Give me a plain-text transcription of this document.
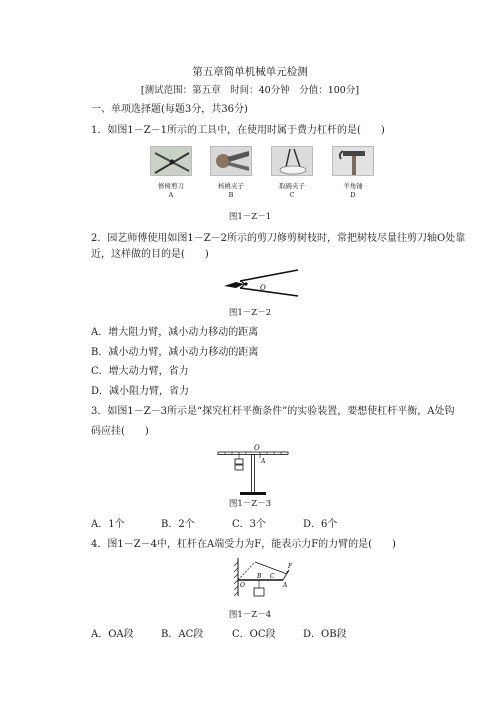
第五章简单机械单元检测
[测试范围：第五章　时间：40分钟　分值：100分]
一、单项选择题(每题3分，共36分)
1．如图1－Z－1所示的工具中，在使用时属于费力杠杆的是(　　)
修树剪刀
A
核桃夹子
B
取碗夹子
C
羊角锤
D
图1－Z－1
2．园艺师傅使用如图1－Z－2所示的剪刀修剪树枝时，常把树枝尽量往剪刀轴O处靠
近，这样做的目的是(　　)
O
图1－Z－2
A．增大阻力臂，减小动力移动的距离
B．减小动力臂，减小动力移动的距离
C．增大动力臂，省力
D．减小阻力臂，省力
3．如图1－Z－3所示是“探究杠杆平衡条件”的实验装置，要想使杠杆平衡，A处钩
码应挂(　　)
O
A
图1－Z－3
A．1个	B．2个	C．3个	D．6个
4．图1－Z－4中，杠杆在A端受力为F，能表示力F的力臂的是(　　)
O
B C
A
F
图1－Z－4
A．OA段	B．AC段	C．OC段	D．OB段
